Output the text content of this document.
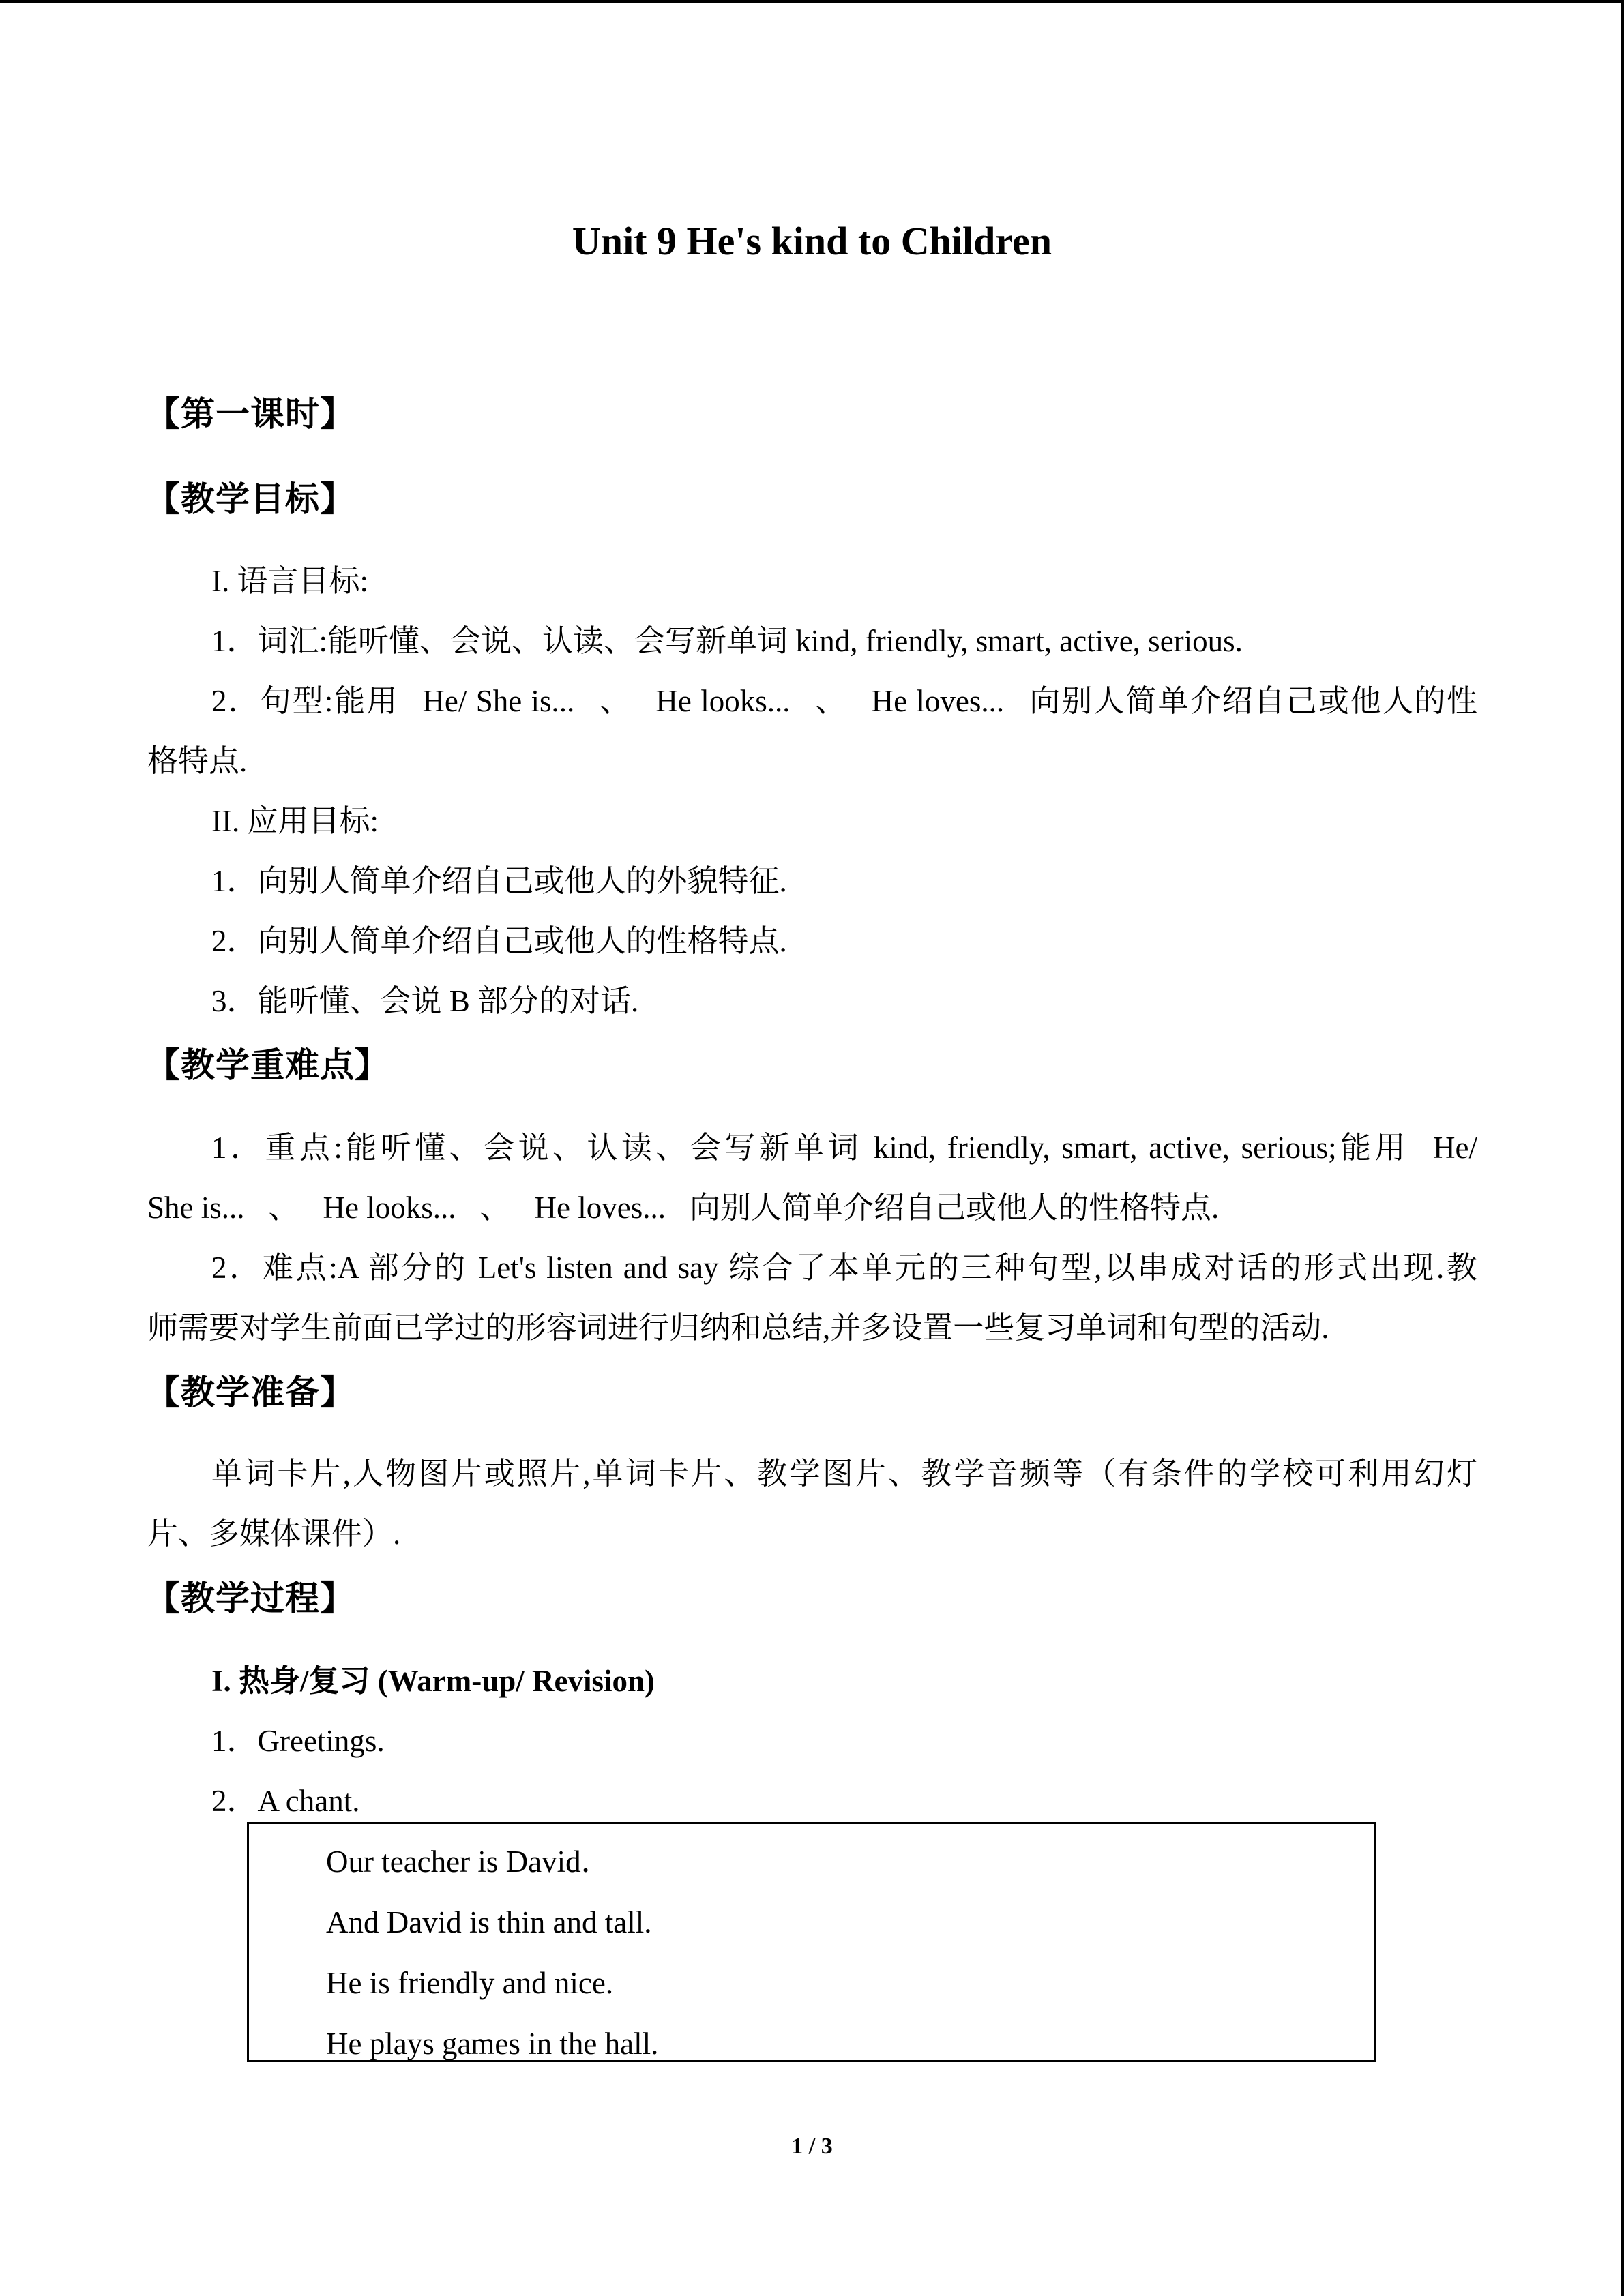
Unit 9 He's kind to Children
【第一课时】
【教学目标】
I. 语言目标:
1．词汇:能听懂、会说、认读、会写新单词 kind, friendly, smart, active, serious.
2．句型:能用 He/ She is... 、 He looks... 、 He loves... 向别人简单介绍自己或他人的性
格特点.
II. 应用目标:
1．向别人简单介绍自己或他人的外貌特征.
2．向别人简单介绍自己或他人的性格特点.
3．能听懂、会说 B 部分的对话.
【教学重难点】
1．重点:能听懂、会说、认读、会写新单词 kind, friendly, smart, active, serious;能用 He/
She is... 、 He looks... 、 He loves... 向别人简单介绍自己或他人的性格特点.
2．难点:A 部分的 Let's listen and say 综合了本单元的三种句型,以串成对话的形式出现.教
师需要对学生前面已学过的形容词进行归纳和总结,并多设置一些复习单词和句型的活动.
【教学准备】
单词卡片,人物图片或照片,单词卡片、教学图片、教学音频等（有条件的学校可利用幻灯
片、多媒体课件）.
【教学过程】
I. 热身/复习 (Warm-up/ Revision)
1．Greetings.
2．A chant.
Our teacher is David．
And David is thin and tall.
He is friendly and nice.
He plays games in the hall.
1 / 3
